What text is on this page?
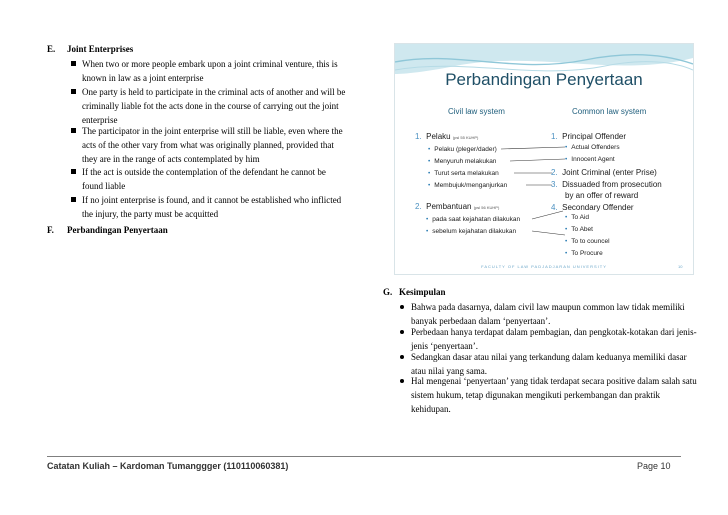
E. Joint Enterprises
When two or more people embark upon a joint criminal venture, this is known in law as a joint enterprise
One party is held to participate in the criminal acts of another and will be criminally liable fot the acts done in the course of carrying out the joint enterprise
The participator in the joint enterprise will still be liable, even where the acts of the other vary from what was originally planned, provided that they are in the range of acts contemplated by him
If the act is outside the contemplation of the defendant he cannot be found liable
If no joint enterprise is found, and it cannot be established who inflicted the injury, the party must be acquitted
F. Perbandingan Penyertaan
Perbandingan Penyertaan
Civil law system	Common law system
1. Pelaku (psl 55 KUHP)
• Pelaku (pleger/dader)
• Menyuruh melakukan
• Turut serta melakukan
• Membujuk/menganjurkan
2. Pembantuan (psl 56 KUHP)
• pada saat kejahatan dilakukan
• sebelum kejahatan dilakukan
1. Principal Offender
• Actual Offenders
• Innocent Agent
2. Joint Criminal (enter Prise)
3. Dissuaded from prosecution
by an offer of reward
4. Secondary Offender
• To Aid
• To Abet
• To to councel
• To Procure
FACULTY OF LAW PADJADJARAN UNIVERSITY	10
G. Kesimpulan
Bahwa pada dasarnya, dalam civil law maupun common law tidak memiliki banyak perbedaan dalam ‘penyertaan’.
Perbedaan hanya terdapat dalam pembagian, dan pengkotak-kotakan dari jenis-jenis ‘penyertaan’.
Sedangkan dasar atau nilai yang terkandung dalam keduanya memiliki dasar atau nilai yang sama.
Hal mengenai ‘penyertaan’ yang tidak terdapat secara positive dalam salah satu sistem hukum, tetap digunakan mengikuti perkembangan dan praktik kehidupan.
Catatan Kuliah – Kardoman Tumanggger (110110060381)	Page 10
